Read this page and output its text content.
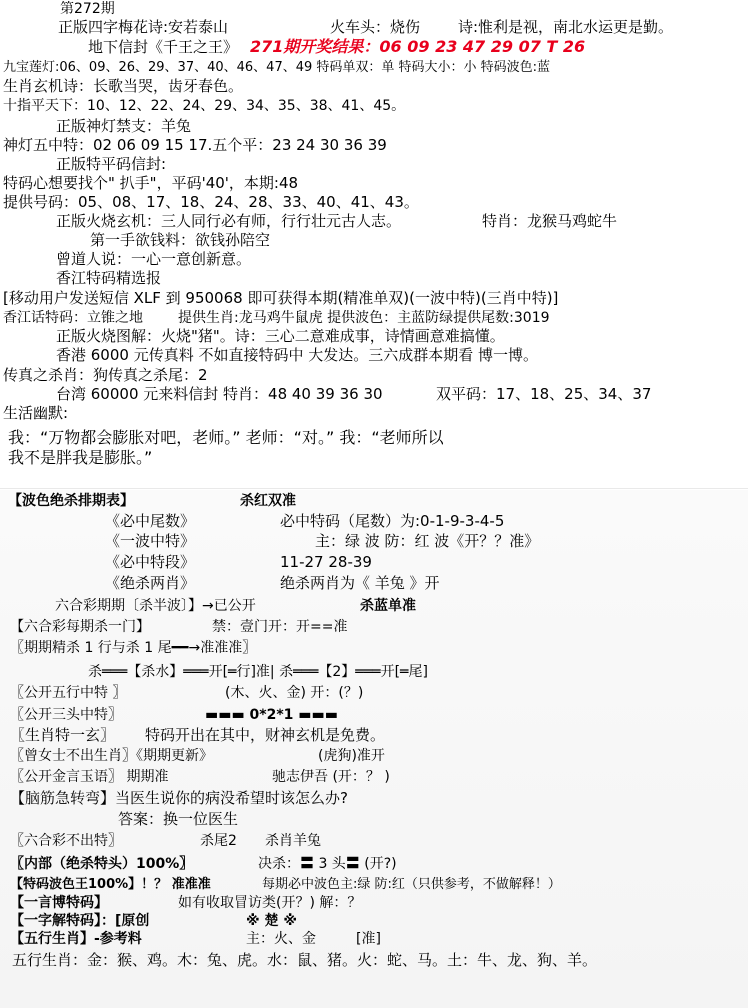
第272期
正版四字梅花诗:安若泰山	火车头：烧伤	诗:惟利是视，南北水运更是勤。
地下信封《千王之王》 271期开奖结果：06 09 23 47 29 07 T 26
九宝莲灯:06、09、26、29、37、40、46、47、49 特码单双：单 特码大小：小 特码波色:蓝
生肖玄机诗：长歌当哭，齿牙春色。
十指平天下：10、12、22、24、29、34、35、38、41、45。
正版神灯禁支：羊兔
神灯五中特：02 06 09 15 17.五个平：23 24 30 36 39
正版特平码信封:
特码心想要找个" 扒手"，平码'40'，本期:48
提供号码：05、08、17、18、24、28、33、40、41、43。
正版火烧玄机：三人同行必有师，行行壮元古人志。	特肖：龙猴马鸡蛇牛
第一手欲钱料：欲钱孙陪空
曾道人说：一心一意创新意。
香江特码精选报
[移动用户发送短信 XLF 到 950068 即可获得本期(精准单双)(一波中特)(三肖中特)]
香江话特码：立锥之地	提供生肖:龙马鸡牛鼠虎 提供波色：主蓝防绿提供尾数:3019
正版火烧图解：火烧"猪"。诗：三心二意难成事，诗情画意难搞懂。
香港 6000 元传真料 不如直接特码中 大发达。三六成群本期看 博一博。
传真之杀肖：狗传真之杀尾：2
台湾 60000 元来料信封 特肖：48 40 39 36 30	双平码：17、18、25、34、37
生活幽默:
我：“万物都会膨胀对吧，老师。” 老师：“对。” 我：“老师所以
我不是胖我是膨胀。”
【波色绝杀排期表】	杀红双准
《必中尾数》	必中特码（尾数）为:0-1-9-3-4-5
《一波中特》	主：绿 波 防：红 波《开？？准》
《必中特段》	11-27 28-39
《绝杀两肖》	绝杀两肖为《 羊兔 》开
六合彩期期〔杀半波〕】→已公开	杀蓝单准
【六合彩每期杀一门】	禁：壹门开：开==准
〖期期精杀 1 行与杀 1 尾━━→准准准〗
杀═══【杀水】═══开[═行]准| 杀═══【2】═══开[═尾]
〖公开五行中特 〗	(木、火、金) 开：(？)
〖公开三头中特〗	▬▬▬ 0*2*1 ▬▬▬
〖生肖特一玄〗 特码开出在其中，财神玄机是免费。
〖曾女士不出生肖〗《期期更新》	(虎狗)准开
〖公开金言玉语〗 期期准	驰志伊吾 (开：？ )
【脑筋急转弯】当医生说你的病没希望时该怎么办?
答案：换一位医生
〖六合彩不出特〗	杀尾2 杀肖羊兔
〖内部（绝杀特头）100%〗	决杀：〓 3 头〓 (开?)
【特码波色王100%】！？ 准准准	每期必中波色主:绿 防:红（只供参考，不做解释！）
【一言博特码】	如有收取冒访类(开？) 解：？
【一字解特码】：[原创	※ 楚 ※
【五行生肖】-参考料	主：火、金	[准]
五行生肖：金：猴、鸡。木：兔、虎。水：鼠、猪。火：蛇、马。土：牛、龙、狗、羊。
